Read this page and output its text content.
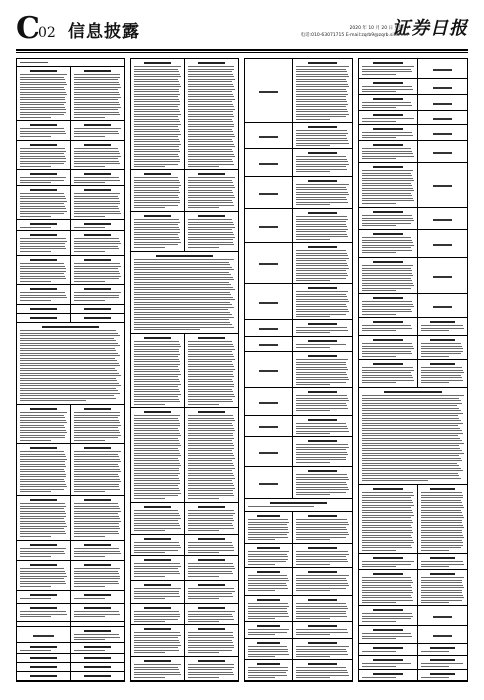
C
02 信息披露	2020 年 10 月 20 日 星期六
电话:010-63071715 E-mail:zqrb9@zqrb.sina.net
证券日报
